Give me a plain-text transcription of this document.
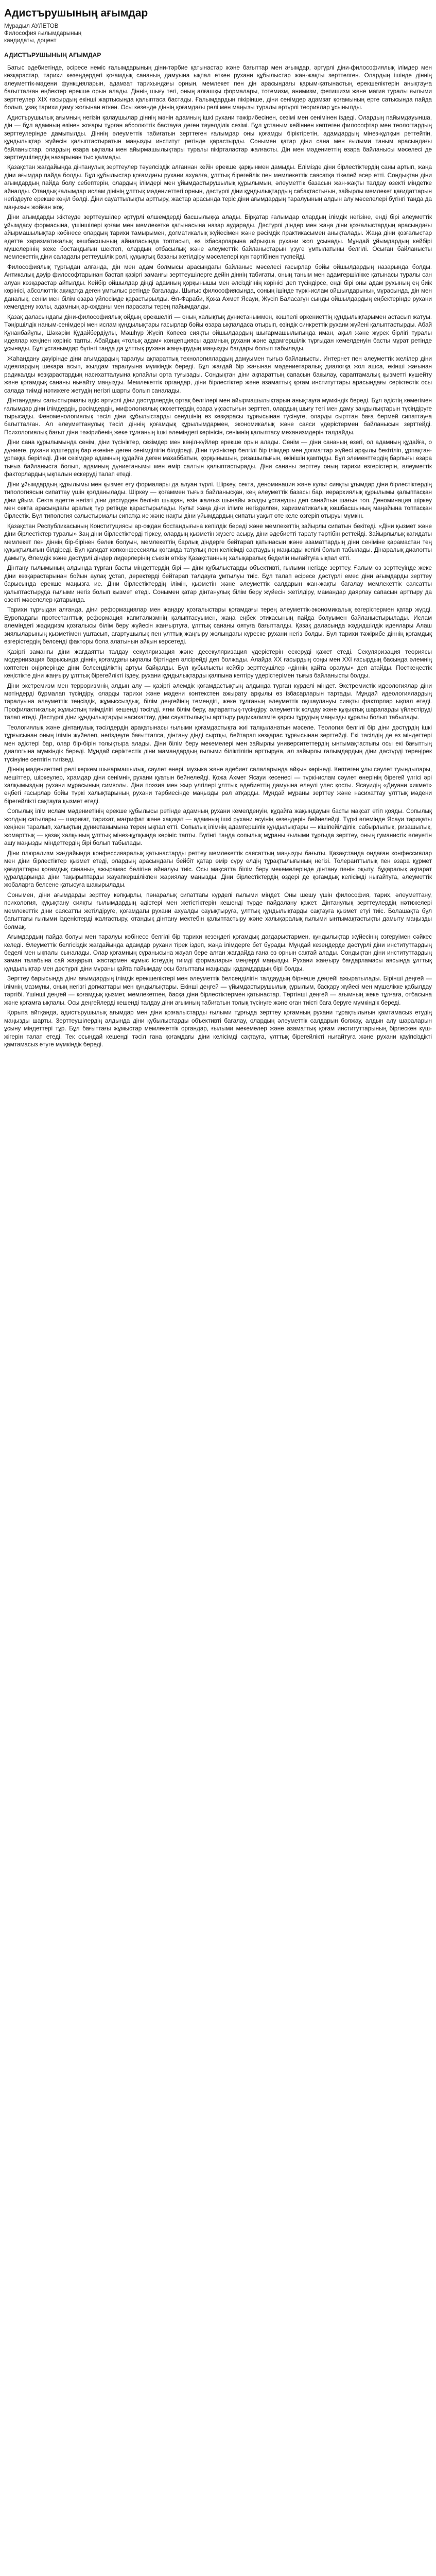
Адистърушының ағымдар
Мұрадыл АУЛЕТОВ
Философия ғылымдарының
кандидаты, доцент
АДИСТЪРУШЫНЫҢ АҒЫМДАР

Батыс әдебиетінде, әсіресе неміс ғалымдарының діни-тәрбие қатынастар және бағыттар мен ағымдар, әртүрлі діни-философиялық ілімдер мен көзқарастар, тарихи кезеңдердегі қоғамдық сананың дамуына ықпал еткен рухани құбылыстар жан-жақты зерттелген. Олардың ішінде діннің әлеуметтік-мәдени функцияларын, адамзат тарихындағы орнын, мемлекет пен дін арасындағы қарым-қатынастың ерекшеліктерін анықтауға бағытталған еңбектер ерекше орын алады. Діннің шығу тегі, оның алғашқы формалары, тотемизм, анимизм, фетишизм және магия туралы ғылыми зерттеулер XIX ғасырдың екінші жартысында қалыптаса бастады. Ғалымдардың пікірінше, діни сенімдер адамзат қоғамының ерте сатысында пайда болып, ұзақ тарихи даму жолынан өткен. Осы кезеңде діннің қоғамдағы рөлі мен маңызы туралы әртүрлі теориялар ұсынылды.

Адистърушылық ағымның негізін қалаушылар діннің мәнін адамның ішкі рухани тәжірибесінен, сезімі мен сенімінен іздеді. Олардың пайымдауынша, дін — бұл адамның өзінен жоғары тұрған абсолюттік бастауға деген тәуелділік сезімі. Бұл ұстаным кейіннен көптеген философтар мен теологтардың зерттеулерінде дамытылды. Діннің әлеуметтік табиғатын зерттеген ғалымдар оны қоғамды біріктіретін, адамдардың мінез-құлқын реттейтін, құндылықтар жүйесін қалыптастыратын маңызды институт ретінде қарастырды. Сонымен қатар діни сана мен ғылыми таным арасындағы байланыстар, олардың өзара ықпалы мен айырмашылықтары туралы пікірталастар жалғасты. Дін мен мәдениеттің өзара байланысы мәселесі де зерттеушілердің назарынан тыс қалмады.

Қазақстан жағдайында дінтанулық зерттеулер тәуелсіздік алғаннан кейін ерекше қарқынмен дамыды. Елімізде діни бірлестіктердің саны артып, жаңа діни ағымдар пайда болды. Бұл құбылыстар қоғамдағы рухани ахуалға, ұлттық бірегейлік пен мемлекеттік саясатқа тікелей әсер етті. Сондықтан діни ағымдардың пайда болу себептерін, олардың ілімдері мен ұйымдастырушылық құрылымын, әлеуметтік базасын жан-жақты талдау өзекті міндетке айналды. Отандық ғалымдар ислам дінінің ұлттық мәдениеттегі орнын, дәстүрлі діни құндылықтардың сабақтастығын, зайырлы мемлекет қағидаттарын негіздеуге ерекше көңіл бөлді. Діни сауаттылықты арттыру, жастар арасында теріс діни ағымдардың таралуының алдын алу мәселелері бүгінгі таңда да маңызын жойған жоқ.

Діни ағымдарды жіктеуде зерттеушілер әртүрлі өлшемдерді басшылыққа алады. Бірқатар ғалымдар олардың ілімдік негізіне, енді бірі әлеуметтік ұйымдасу формасына, үшіншілері қоғам мен мемлекетке қатынасына назар аударады. Дәстүрлі діндер мен жаңа діни қозғалыстардың арасындағы айырмашылықтар көбінесе олардың тарихи тамырымен, догматикалық жүйесімен және рәсімдік практикасымен анықталады. Жаңа діни қозғалыстар әдетте харизматикалық көшбасшының айналасында топтасып, өз ізбасарларына айрықша рухани жол ұсынады. Мұндай ұйымдардың кейбірі мүшелерінің жеке бостандығын шектеп, олардың отбасылық және әлеуметтік байланыстарын үзуге ұмтылатыны белгілі. Осыған байланысты мемлекеттің діни саладағы реттеушілік рөлі, құқықтық базаны жетілдіру мәселелері күн тәртібінен түспейді.

Философиялық тұрғыдан алғанда, дін мен адам болмысы арасындағы байланыс мәселесі ғасырлар бойы ойшылдардың назарында болды. Антикалық дәуір философтарынан бастап қазіргі заманғы зерттеушілерге дейін діннің табиғаты, оның таным мен адамгершілікке қатынасы туралы сан алуан көзқарастар айтылды. Кейбір ойшылдар дінді адамның қорқынышы мен әлсіздігінің көрінісі деп түсіндірсе, енді бірі оны адам рухының ең биік көрінісі, абсолюттік ақиқатқа деген ұмтылыс ретінде бағалады. Шығыс философиясында, соның ішінде түркі-ислам ойшылдарының мұрасында, дін мен даналық, сенім мен білім өзара үйлесімде қарастырылды. Әл-Фараби, Қожа Ахмет Ясауи, Жүсіп Баласағұн сынды ойшылдардың еңбектерінде рухани кемелдену жолы, адамның ар-ожданы мен парасаты терең пайымдалды.

Қазақ даласындағы діни-философиялық ойдың ерекшелігі — оның халықтық дүниетаныммен, көшпелі өркениеттің құндылықтарымен астасып жатуы. Тәңіршілдік наным-сенімдері мен ислам құндылықтары ғасырлар бойы өзара ықпалдаса отырып, өзіндік синкреттік рухани жүйені қалыптастырды. Абай Құнанбайұлы, Шәкәрім Құдайбердіұлы, Мәшһүр Жүсіп Көпеев сияқты ойшылдардың шығармашылығында иман, ақыл және жүрек бірлігі туралы идеялар кеңінен көрініс тапты. Абайдың «толық адам» концепциясы адамның рухани және адамгершілік тұрғыдан кемелденуін басты мұрат ретінде ұсынады. Бұл ұстанымдар бүгінгі таңда да ұлттық рухани жаңғырудың маңызды бағдары болып табылады.

Жаһандану дәуірінде діни ағымдардың таралуы ақпараттық технологиялардың дамуымен тығыз байланысты. Интернет пен әлеуметтік желілер діни идеялардың шекара асып, жылдам таралуына мүмкіндік береді. Бұл жағдай бір жағынан мәдениетаралық диалогқа жол ашса, екінші жағынан радикалды көзқарастардың насихатталуына қолайлы орта туғызады. Сондықтан діни ақпараттың сапасын бақылау, сараптамалық қызметті күшейту және қоғамдық сананы нығайту маңызды. Мемлекеттік органдар, діни бірлестіктер және азаматтық қоғам институттары арасындағы серіктестік осы салада тиімді нәтижеге жетудің негізгі шарты болып саналады.

Дінтанудағы салыстырмалы әдіс әртүрлі діни дәстүрлердің ортақ белгілері мен айырмашылықтарын анықтауға мүмкіндік береді. Бұл әдістің көмегімен ғалымдар діни ілімдердің, рәсімдердің, мифологиялық сюжеттердің өзара ұқсастығын зерттеп, олардың шығу тегі мен даму заңдылықтарын түсіндіруге тырысады. Феноменологиялық тәсіл діни құбылыстарды сенушінің өз көзқарасы тұрғысынан түсінуге, оларды сырттан баға бермей сипаттауға бағытталған. Ал әлеуметтанулық тәсіл діннің қоғамдық құрылымдармен, экономикалық және саяси үдерістермен байланысын зерттейді. Психологиялық бағыт діни тәжірибенің жеке тұлғаның ішкі әлеміндегі көрінісін, сенімнің қалыптасу механизмдерін талдайды.

Діни сана құрылымында сенім, діни түсініктер, сезімдер мен көңіл-күйлер ерекше орын алады. Сенім — діни сананың өзегі, ол адамның құдайға, о дүниеге, рухани күштердің бар екеніне деген сенімділігін білдіреді. Діни түсініктер белгілі бір ілімдер мен догматтар жүйесі арқылы бекітіліп, ұрпақтан-ұрпаққа беріледі. Діни сезімдер адамның құдайға деген махаббатын, қорқынышын, ризашылығын, өкінішін қамтиды. Бұл элементтердің барлығы өзара тығыз байланыста болып, адамның дүниетанымы мен өмір салтын қалыптастырады. Діни сананы зерттеу оның тарихи өзгерістерін, әлеуметтік факторлардың ықпалын ескеруді талап етеді.

Діни ұйымдардың құрылымы мен қызмет ету формалары да алуан түрлі. Шіркеу, секта, деноминация және культ сияқты ұғымдар діни бірлестіктердің типологиясын сипаттау үшін қолданылады. Шіркеу — қоғаммен тығыз байланысқан, кең әлеуметтік базасы бар, иерархиялық құрылымы қалыптасқан діни ұйым. Секта әдетте негізгі діни дәстүрден бөлініп шыққан, өзін жалғыз шынайы жолды ұстанушы деп санайтын шағын топ. Деноминация шіркеу мен секта арасындағы аралық түр ретінде қарастырылады. Культ жаңа діни ілімге негізделген, харизматикалық көшбасшының маңайына топтасқан бірлестік. Бұл типология салыстырмалы сипатқа ие және нақты діни ұйымдардың сипаты уақыт өте келе өзгеріп отыруы мүмкін.

Қазақстан Республикасының Конституциясы ар-ождан бостандығына кепілдік береді және мемлекеттің зайырлы сипатын бекітеді. «Діни қызмет және діни бірлестіктер туралы» Заң діни бірлестіктерді тіркеу, олардың қызметін жүзеге асыру, діни әдебиетті тарату тәртібін реттейді. Зайырлылық қағидаты мемлекет пен діннің бір-бірінен бөлек болуын, мемлекеттің барлық діндерге бейтарап қатынасын және азаматтардың діни сеніміне қарамастан тең құқықтылығын білдіреді. Бұл қағидат көпконфессиялы қоғамда татулық пен келісімді сақтаудың маңызды кепілі болып табылады. Дінаралық диалогты дамыту, Әлемдік және дәстүрлі діндер лидерлерінің съезін өткізу Қазақстанның халықаралық беделін нығайтуға ықпал етті.

Дінтану ғылымының алдында тұрған басты міндеттердің бірі — діни құбылыстарды объективті, ғылыми негізде зерттеу. Ғалым өз зерттеуінде жеке діни көзқарастарынан бойын аулақ ұстап, деректерді бейтарап талдауға ұмтылуы тиіс. Бұл талап әсіресе дәстүрлі емес діни ағымдарды зерттеу барысында ерекше маңызға ие. Діни бірлестіктердің ілімін, қызметін және әлеуметтік салдарын жан-жақты бағалау мемлекеттік саясатты қалыптастыруда ғылыми негіз болып қызмет етеді. Сонымен қатар дінтанулық білім беру жүйесін жетілдіру, мамандар даярлау сапасын арттыру да өзекті мәселелер қатарында.

Тарихи тұрғыдан алғанда, діни реформациялар мен жаңару қозғалыстары қоғамдағы терең әлеуметтік-экономикалық өзгерістермен қатар жүрді. Еуропадағы протестанттық реформация капитализмнің қалыптасуымен, жаңа еңбек этикасының пайда болуымен байланыстырылады. Ислам әлеміндегі жәдидизм қозғалысы білім беру жүйесін жаңғыртуға, ұлттық сананы оятуға бағытталды. Қазақ даласында жәдидшілдік идеялары Алаш зиялыларының қызметімен ұштасып, ағартушылық пен ұлттық жаңғыру жолындағы күреске рухани негіз болды. Бұл тарихи тәжірибе діннің қоғамдық өзгерістердің белсенді факторы бола алатынын айқын көрсетеді.

Қазіргі заманғы діни жағдаятты талдау секуляризация және десекуляризация үдерістерін ескеруді қажет етеді. Секуляризация теориясы модернизация барысында діннің қоғамдағы ықпалы біртіндеп әлсірейді деп болжады. Алайда ХХ ғасырдың соңы мен ХХІ ғасырдың басында әлемнің көптеген өңірлерінде діни белсенділіктің артуы байқалды. Бұл құбылысты кейбір зерттеушілер «діннің қайта оралуы» деп атайды. Посткеңестік кеңістікте діни жаңғыру ұлттық бірегейлікті іздеу, рухани құндылықтарды қалпына келтіру үдерістерімен тығыз байланысты болды.

Діни экстремизм мен терроризмнің алдын алу — қазіргі әлемдік қоғамдастықтың алдында тұрған күрделі міндет. Экстремистік идеологиялар діни мәтіндерді бұрмалап түсіндіру, оларды тарихи және мәдени контекстен ажырату арқылы өз ізбасарларын тартады. Мұндай идеологиялардың таралуына әлеуметтік теңсіздік, жұмыссыздық, білім деңгейінің төмендігі, жеке тұлғаның әлеуметтік оқшаулануы сияқты факторлар ықпал етеді. Профилактикалық жұмыстың тиімділігі кешенді тәсілді, яғни білім беру, ақпараттық-түсіндіру, әлеуметтік қолдау және құқықтық шараларды үйлестіруді талап етеді. Дәстүрлі діни құндылықтарды насихаттау, діни сауаттылықты арттыру радикализмге қарсы тұрудың маңызды құралы болып табылады.

Теологиялық және дінтанулық тәсілдердің арақатынасы ғылыми қоғамдастықта жиі талқыланатын мәселе. Теология белгілі бір діни дәстүрдің ішкі тұрғысынан оның ілімін жүйелеп, негіздеуге бағытталса, дінтану дінді сыртқы, бейтарап көзқарас тұрғысынан зерттейді. Екі тәсілдің де өз міндеттері мен әдістері бар, олар бір-бірін толықтыра алады. Діни білім беру мекемелері мен зайырлы университеттердің ынтымақтастығы осы екі бағыттың диалогына мүмкіндік береді. Мұндай серіктестік діни мамандардың ғылыми біліктілігін арттыруға, ал зайырлы ғалымдардың діни дәстүрді тереңірек түсінуіне септігін тигізеді.

Діннің мәдениеттегі рөлі көркем шығармашылық, сәулет өнері, музыка және әдебиет салаларында айқын көрінеді. Көптеген ұлы сәулет туындылары, мешіттер, шіркеулер, храмдар діни сенімнің рухани қуатын бейнелейді. Қожа Ахмет Ясауи кесенесі — түркі-ислам сәулет өнерінің бірегей үлгісі әрі халқымыздың рухани мұрасының символы. Діни поэзия мен жыр үлгілері ұлттық әдебиеттің дамуына елеулі үлес қосты. Ясауидің «Диуани хикмет» еңбегі ғасырлар бойы түркі халықтарының рухани тәрбиесінде маңызды рөл атқарды. Мұндай мұраны зерттеу және насихаттау ұлттық мәдени бірегейлікті сақтауға қызмет етеді.

Сопылық ілім ислам мәдениетінің ерекше құбылысы ретінде адамның рухани кемелденуін, құдайға жақындауын басты мақсат етіп қояды. Сопылық жолдың сатылары — шариғат, тарихат, мағрифат және хақиқат — адамның ішкі рухани өсуінің кезеңдерін бейнелейді. Түркі әлемінде Ясауи тариқаты кеңінен таралып, халықтың дүниетанымына терең ықпал етті. Сопылық ілімнің адамгершілік құндылықтары — кішіпейілділік, сабырлылық, ризашылық, жомарттық — қазақ халқының ұлттық мінез-құлқында көрініс тапты. Бүгінгі таңда сопылық мұраны ғылыми тұрғыда зерттеу, оның гуманистік әлеуетін ашу маңызды міндеттердің бірі болып табылады.

Діни плюрализм жағдайында конфессияаралық қатынастарды реттеу мемлекеттік саясаттың маңызды бағыты. Қазақстанда ондаған конфессиялар мен діни бірлестіктер қызмет етеді, олардың арасындағы бейбіт қатар өмір сүру елдің тұрақтылығының негізі. Толеранттылық пен өзара құрмет қағидаттары қоғамдық сананың ажырамас бөлігіне айналуы тиіс. Осы мақсатта білім беру мекемелерінде дінтану пәнін оқыту, бұқаралық ақпарат құралдарында діни тақырыптарды жауапкершілікпен жариялау маңызды. Діни бірлестіктердің өздері де қоғамдық келісімді нығайтуға, әлеуметтік жобаларға белсене қатысуға шақырылады.

Сонымен, діни ағымдарды зерттеу көпқырлы, пәнаралық сипаттағы күрделі ғылыми міндет. Оны шешу үшін философия, тарих, әлеуметтану, психология, құқықтану сияқты ғылымдардың әдістері мен жетістіктерін кешенді түрде пайдалану қажет. Дінтанулық зерттеулердің нәтижелері мемлекеттік діни саясатты жетілдіруге, қоғамдағы рухани ахуалды сауықтыруға, ұлттық құндылықтарды сақтауға қызмет етуі тиіс. Болашақта бұл бағыттағы ғылыми ізденістерді жалғастыру, отандық дінтану мектебін қалыптастыру және халықаралық ғылыми ынтымақтастықты дамыту маңызды болмақ.

Ағымдардың пайда болуы мен таралуы көбінесе белгілі бір тарихи кезеңдегі қоғамдық дағдарыстармен, құндылықтар жүйесінің өзгеруімен сәйкес келеді. Әлеуметтік белгісіздік жағдайында адамдар рухани тірек іздеп, жаңа ілімдерге бет бұрады. Мұндай кезеңдерде дәстүрлі діни институттардың беделі мен ықпалы сыналады. Олар қоғамның сұранысына жауап бере алған жағдайда ғана өз орнын сақтай алады. Сондықтан діни институттардың заман талабына сай жаңарып, жастармен жұмыс істеудің тиімді формаларын меңгеруі маңызды. Рухани жаңғыру бағдарламасы аясында ұлттық құндылықтар мен дәстүрлі діни мұраны қайта пайымдау осы бағыттағы маңызды қадамдардың бірі болды.

Зерттеу барысында діни ағымдардың ілімдік ерекшеліктері мен әлеуметтік белсенділігін талдаудың бірнеше деңгейі ажыратылады. Бірінші деңгей — ілімнің мазмұны, оның негізгі догматтары мен құндылықтары. Екінші деңгей — ұйымдастырушылық құрылым, басқару жүйесі мен мүшелікке қабылдау тәртібі. Үшінші деңгей — қоғамдық қызмет, мемлекетпен, басқа діни бірлестіктермен қатынастар. Төртінші деңгей — ағымның жеке тұлғаға, отбасына және қоғамға ықпалы. Осы деңгейлерді кешенді талдау діни ағымның табиғатын толық түсінуге және оған тиісті баға беруге мүмкіндік береді.

Қорыта айтқанда, адистърушылық ағымдар мен діни қозғалыстарды ғылыми тұрғыда зерттеу қоғамның рухани тұрақтылығын қамтамасыз етудің маңызды шарты. Зерттеушілердің алдында діни құбылыстарды объективті бағалау, олардың әлеуметтік салдарын болжау, алдын алу шараларын ұсыну міндеттері тұр. Бұл бағыттағы жұмыстар мемлекеттік органдар, ғылыми мекемелер және азаматтық қоғам институттарының бірлескен күш-жігерін талап етеді. Тек осындай кешенді тәсіл ғана қоғамдағы діни келісімді сақтауға, ұлттық бірегейлікті нығайтуға және рухани қауіпсіздікті қамтамасыз етуге мүмкіндік береді.
